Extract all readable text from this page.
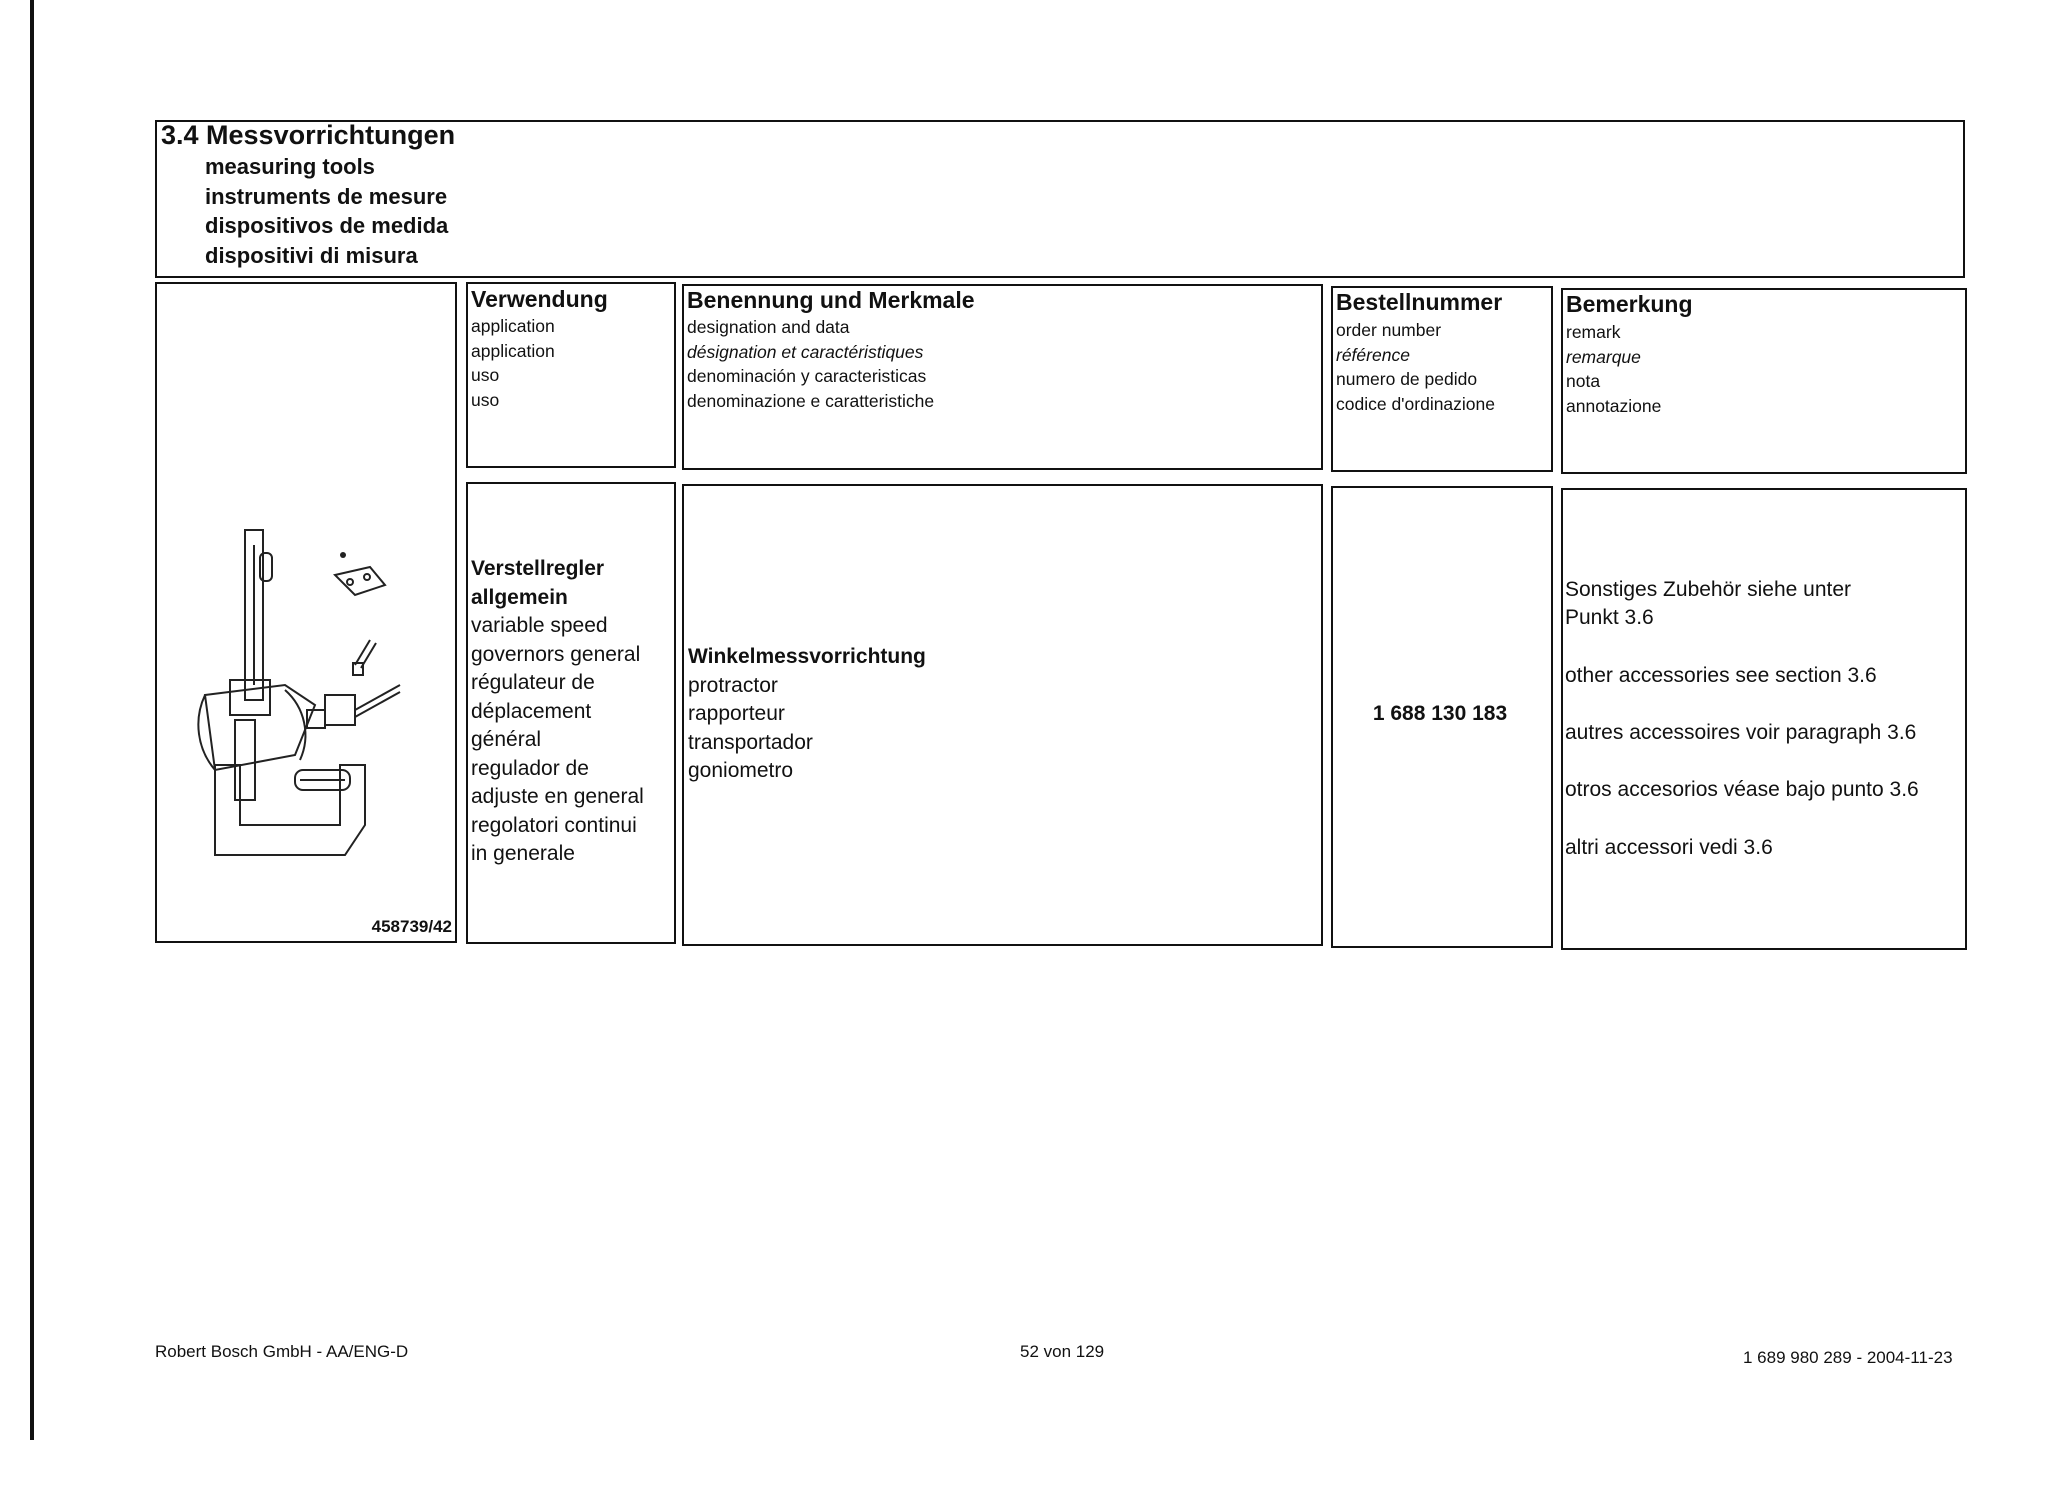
3.4 Messvorrichtungen
measuring tools
instruments de mesure
dispositivos de medida
dispositivi di misura
458739/42
Verwendung
application
application
uso
uso
Benennung und Merkmale
designation and data
désignation et caractéristiques
denominación y caracteristicas
denominazione e caratteristiche
Bestellnummer
order number
référence
numero de pedido
codice d'ordinazione
Bemerkung
remark
remarque
nota
annotazione
Verstellregler
allgemein
variable speed
governors general
régulateur de
déplacement
général
regulador de
adjuste en general
regolatori continui
in generale
Winkelmessvorrichtung
protractor
rapporteur
transportador
goniometro
1 688 130 183
Sonstiges Zubehör siehe unter
Punkt 3.6
other accessories see section 3.6
autres accessoires voir paragraph 3.6
otros accesorios véase bajo punto 3.6
altri accessori vedi 3.6
Robert Bosch GmbH - AA/ENG-D	52 von 129	1 689 980 289 - 2004-11-23
